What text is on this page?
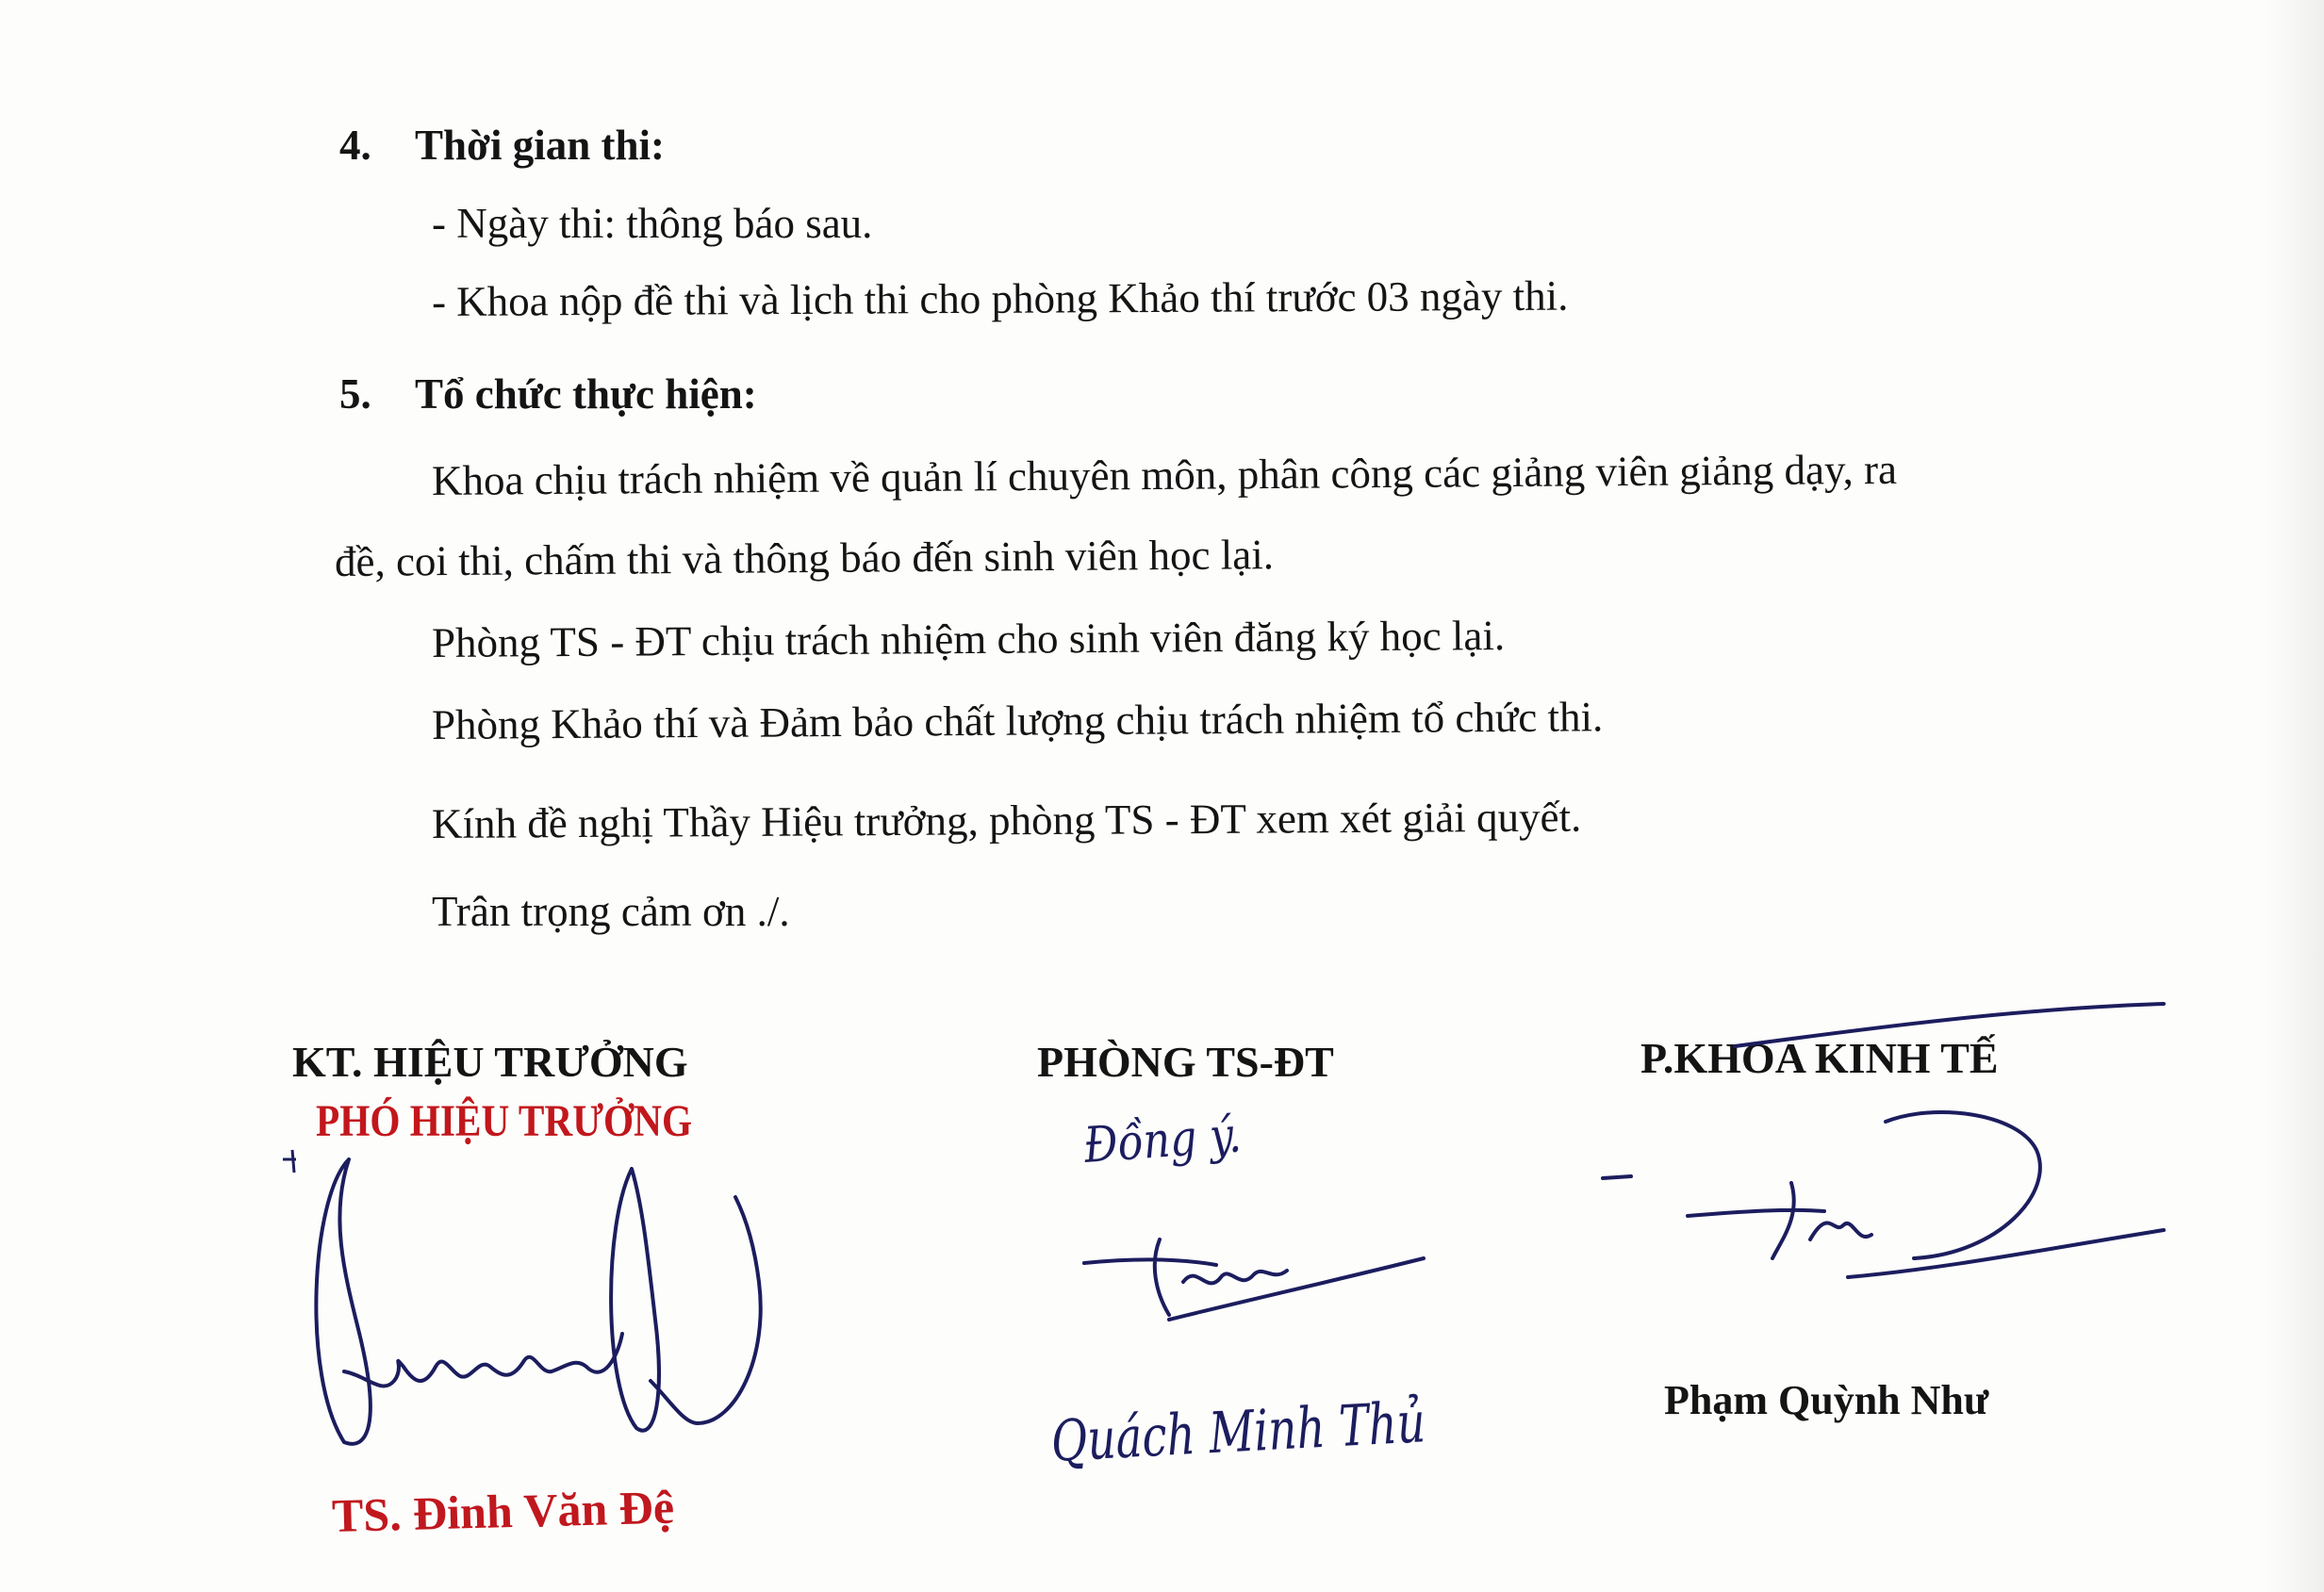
4. Thời gian thi:
- Ngày thi: thông báo sau.
- Khoa nộp đề thi và lịch thi cho phòng Khảo thí trước 03 ngày thi.
5. Tổ chức thực hiện:
Khoa chịu trách nhiệm về quản lí chuyên môn, phân công các giảng viên giảng dạy, ra
đề, coi thi, chấm thi và thông báo đến sinh viên học lại.
Phòng TS - ĐT chịu trách nhiệm cho sinh viên đăng ký học lại.
Phòng Khảo thí và Đảm bảo chất lượng chịu trách nhiệm tổ chức thi.
Kính đề nghị Thầy Hiệu trưởng, phòng TS - ĐT xem xét giải quyết.
Trân trọng cảm ơn ./.
KT. HIỆU TRƯỞNG
PHÓ HIỆU TRƯỞNG
TS. Đinh Văn Đệ
PHÒNG TS-ĐT
Đồng ý.
Quách Minh Thủ
P.KHOA KINH TẾ
Phạm Quỳnh Như
